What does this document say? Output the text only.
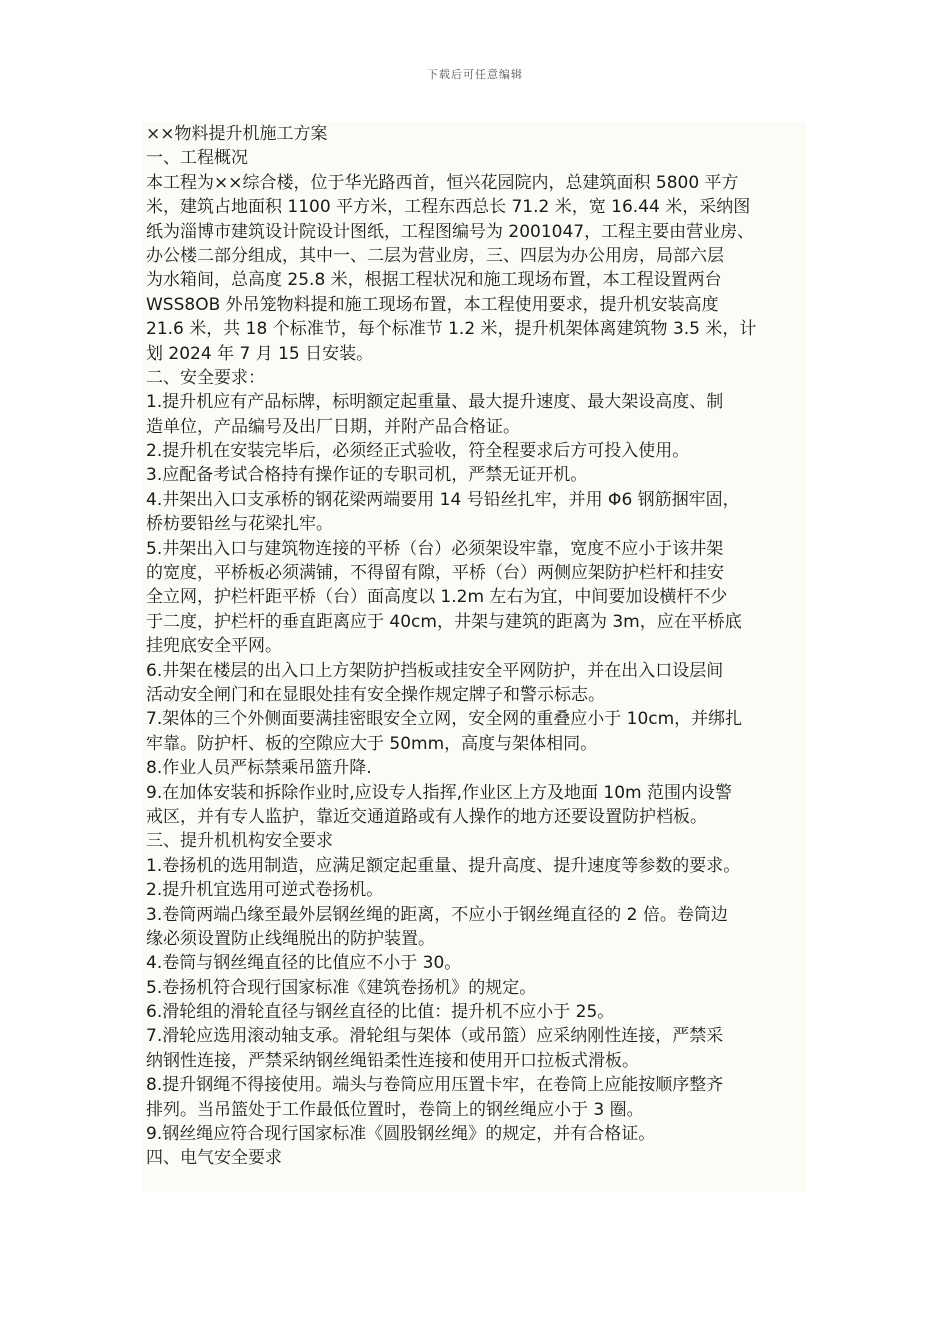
下载后可任意编辑
××物料提升机施工方案
一、工程概况
本工程为××综合楼，位于华光路西首，恒兴花园院内，总建筑面积 5800 平方
米，建筑占地面积 1100 平方米，工程东西总长 71.2 米，宽 16.44 米，采纳图
纸为淄博市建筑设计院设计图纸，工程图编号为 2001047，工程主要由营业房、
办公楼二部分组成，其中一、二层为营业房，三、四层为办公用房，局部六层
为水箱间，总高度 25.8 米，根据工程状况和施工现场布置，本工程设置两台
WSS8OB 外吊笼物料提和施工现场布置，本工程使用要求，提升机安装高度
21.6 米，共 18 个标准节，每个标准节 1.2 米，提升机架体离建筑物 3.5 米，计
划 2024 年 7 月 15 日安装。
二、安全要求：
1.提升机应有产品标牌，标明额定起重量、最大提升速度、最大架设高度、制
造单位，产品编号及出厂日期，并附产品合格证。
2.提升机在安装完毕后，必须经正式验收，符全程要求后方可投入使用。
3.应配备考试合格持有操作证的专职司机，严禁无证开机。
4.井架出入口支承桥的钢花梁两端要用 14 号铅丝扎牢，并用 Φ6 钢筋捆牢固，
桥枋要铅丝与花梁扎牢。
5.井架出入口与建筑物连接的平桥（台）必须架设牢靠，宽度不应小于该井架
的宽度，平桥板必须满铺，不得留有隙，平桥（台）两侧应架防护栏杆和挂安
全立网，护栏杆距平桥（台）面高度以 1.2m 左右为宜，中间要加设横杆不少
于二度，护栏杆的垂直距离应于 40cm，井架与建筑的距离为 3m，应在平桥底
挂兜底安全平网。
6.井架在楼层的出入口上方架防护挡板或挂安全平网防护，并在出入口设层间
活动安全闸门和在显眼处挂有安全操作规定牌子和警示标志。
7.架体的三个外侧面要满挂密眼安全立网，安全网的重叠应小于 10cm，并绑扎
牢靠。防护杆、板的空隙应大于 50mm，高度与架体相同。
8.作业人员严标禁乘吊篮升降.
9.在加体安装和拆除作业时,应设专人指挥,作业区上方及地面 10m 范围内设警
戒区，并有专人监护，靠近交通道路或有人操作的地方还要设置防护档板。
三、提升机机构安全要求
1.卷扬机的选用制造，应满足额定起重量、提升高度、提升速度等参数的要求。
2.提升机宜选用可逆式卷扬机。
3.卷筒两端凸缘至最外层钢丝绳的距离，不应小于钢丝绳直径的 2 倍。卷筒边
缘必须设置防止线绳脱出的防护装置。
4.卷筒与钢丝绳直径的比值应不小于 30。
5.卷扬机符合现行国家标准《建筑卷扬机》的规定。
6.滑轮组的滑轮直径与钢丝直径的比值：提升机不应小于 25。
7.滑轮应选用滚动轴支承。滑轮组与架体（或吊篮）应采纳刚性连接，严禁采
纳钢性连接，严禁采纳钢丝绳铅柔性连接和使用开口拉板式滑板。
8.提升钢绳不得接使用。端头与卷筒应用压置卡牢，在卷筒上应能按顺序整齐
排列。当吊篮处于工作最低位置时，卷筒上的钢丝绳应小于 3 圈。
9.钢丝绳应符合现行国家标准《圆股钢丝绳》的规定，并有合格证。
四、电气安全要求
